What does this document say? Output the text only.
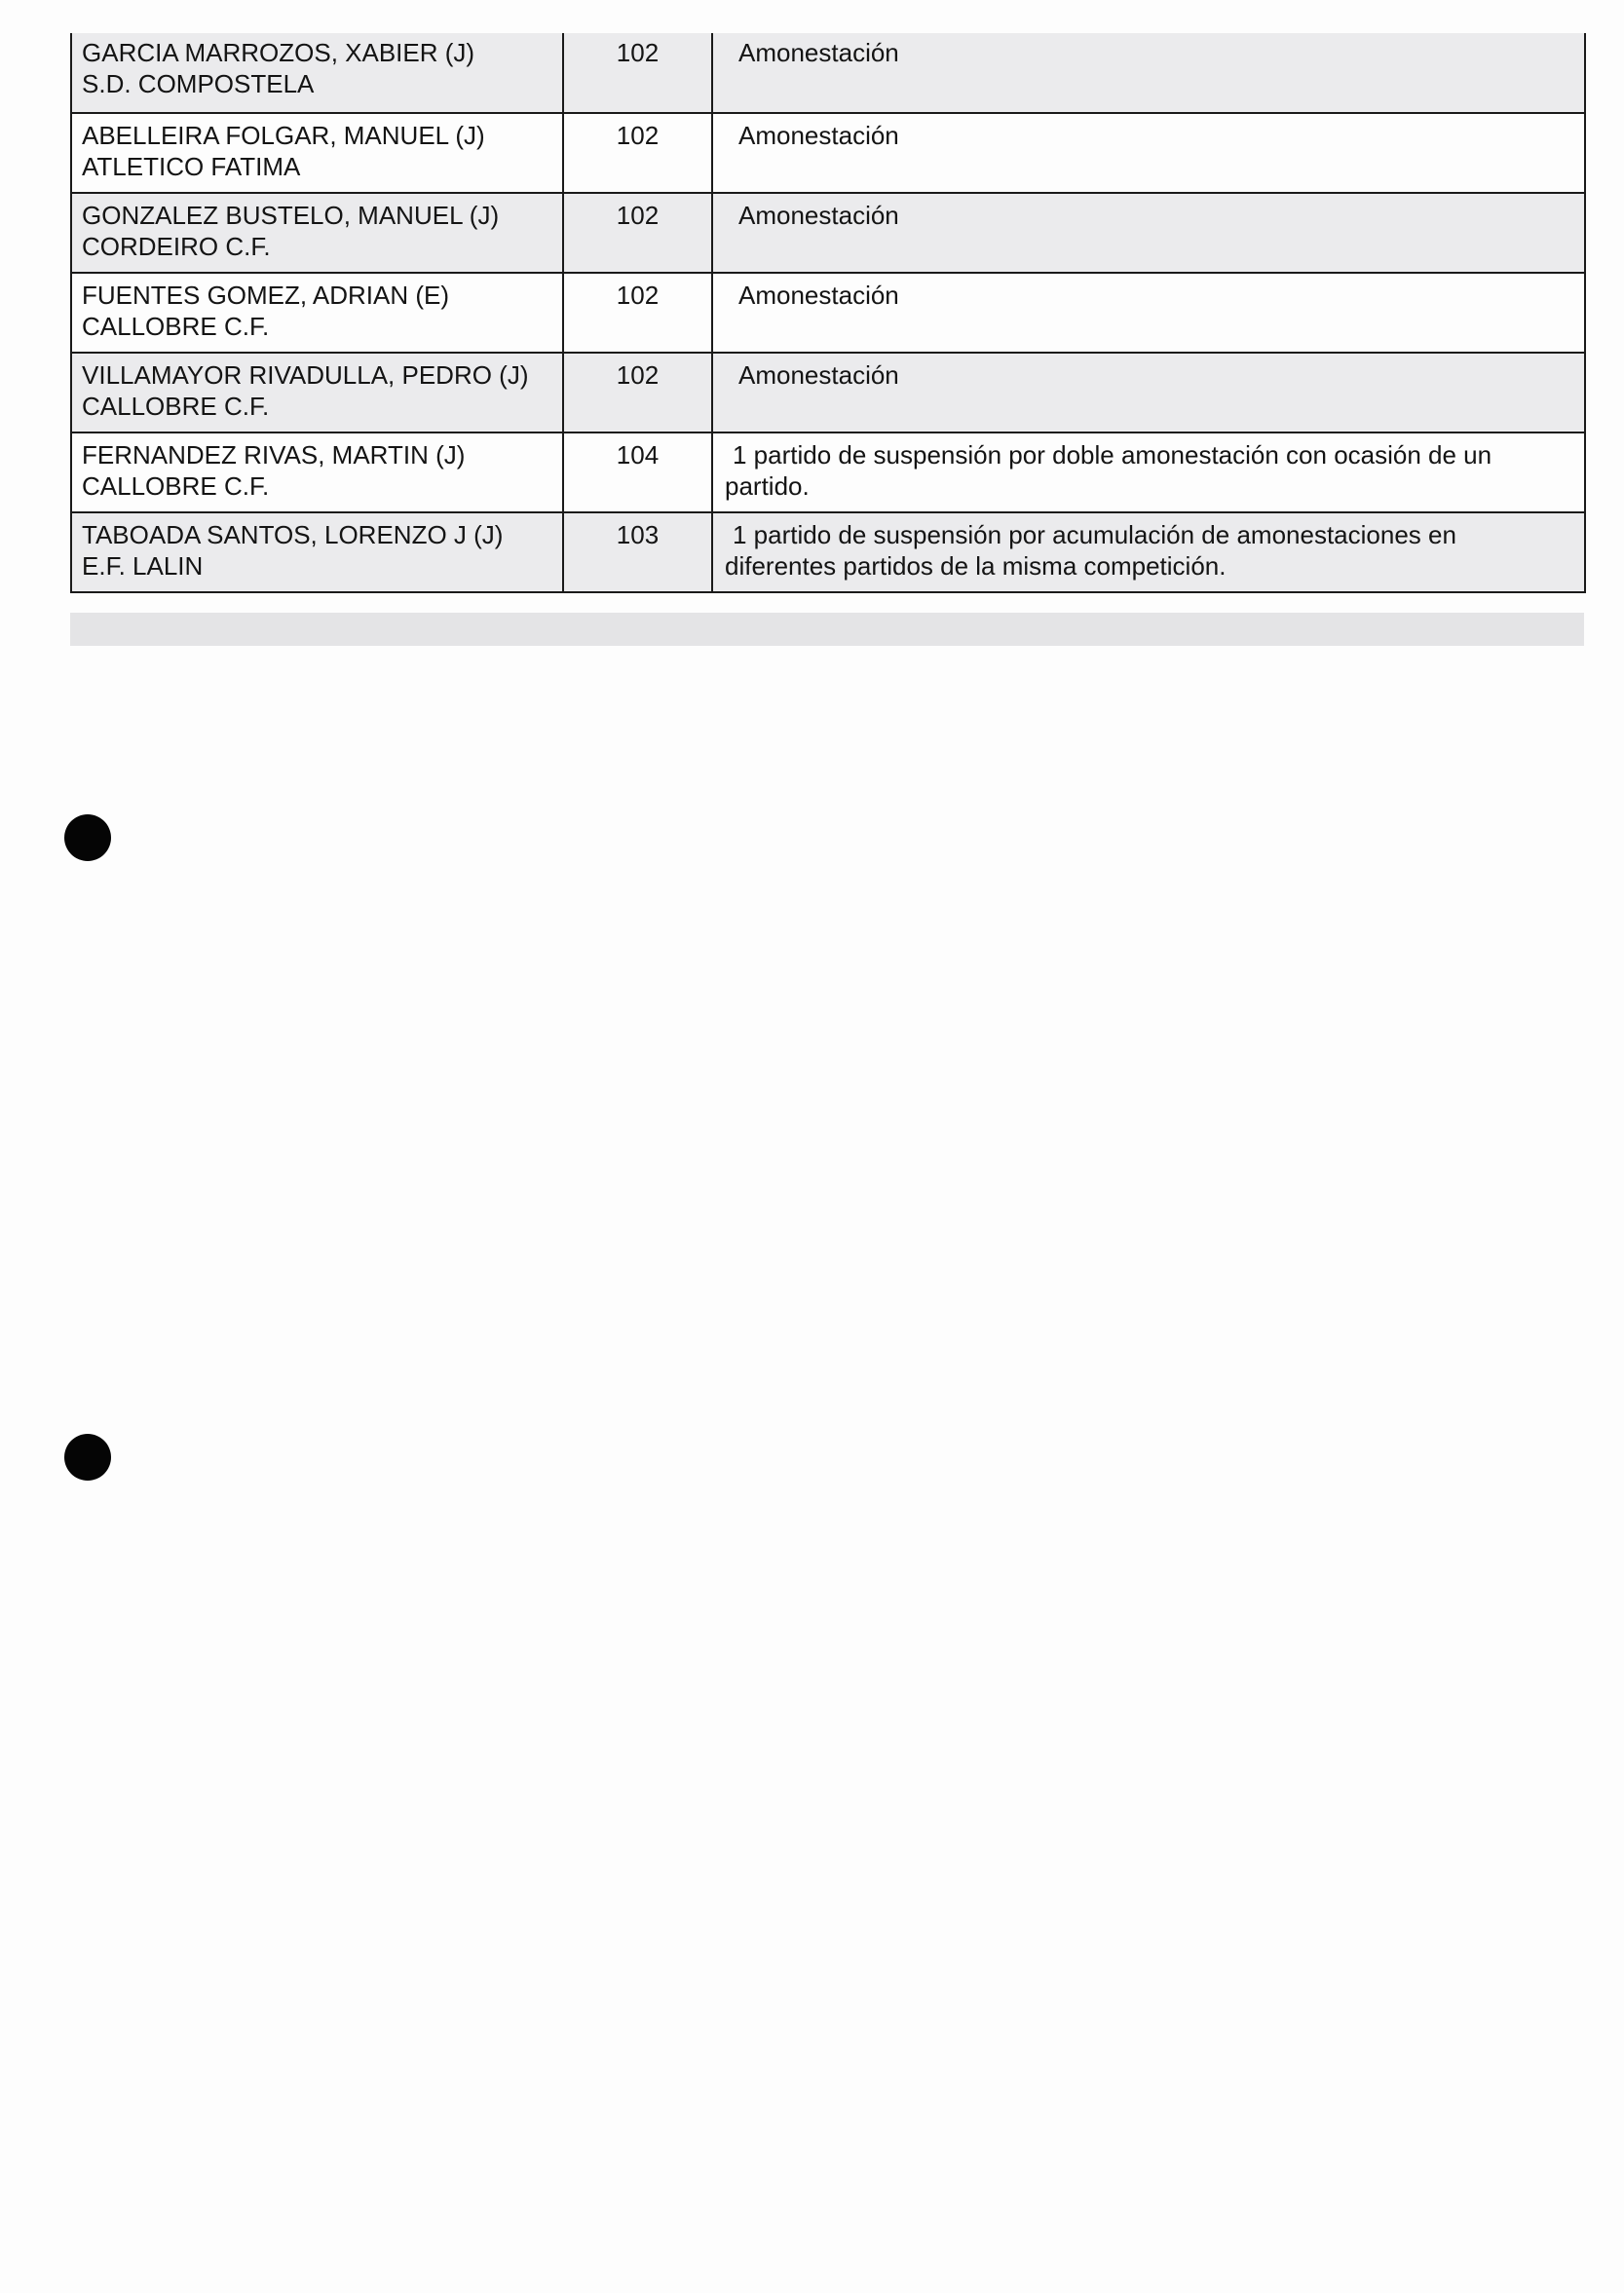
GARCIA MARROZOS, XABIER (J)
S.D. COMPOSTELA	102	Amonestación

ABELLEIRA FOLGAR, MANUEL (J)
ATLETICO FATIMA	102	Amonestación

GONZALEZ BUSTELO, MANUEL (J)
CORDEIRO C.F.	102	Amonestación

FUENTES GOMEZ, ADRIAN (E)
CALLOBRE C.F.	102	Amonestación

VILLAMAYOR RIVADULLA, PEDRO (J)
CALLOBRE C.F.	102	Amonestación

FERNANDEZ RIVAS, MARTIN (J)
CALLOBRE C.F.	104	1 partido de suspensión por doble amonestación con ocasión de un partido.

TABOADA SANTOS, LORENZO J (J)
E.F. LALIN	103	1 partido de suspensión por acumulación de amonestaciones en diferentes partidos de la misma competición.
